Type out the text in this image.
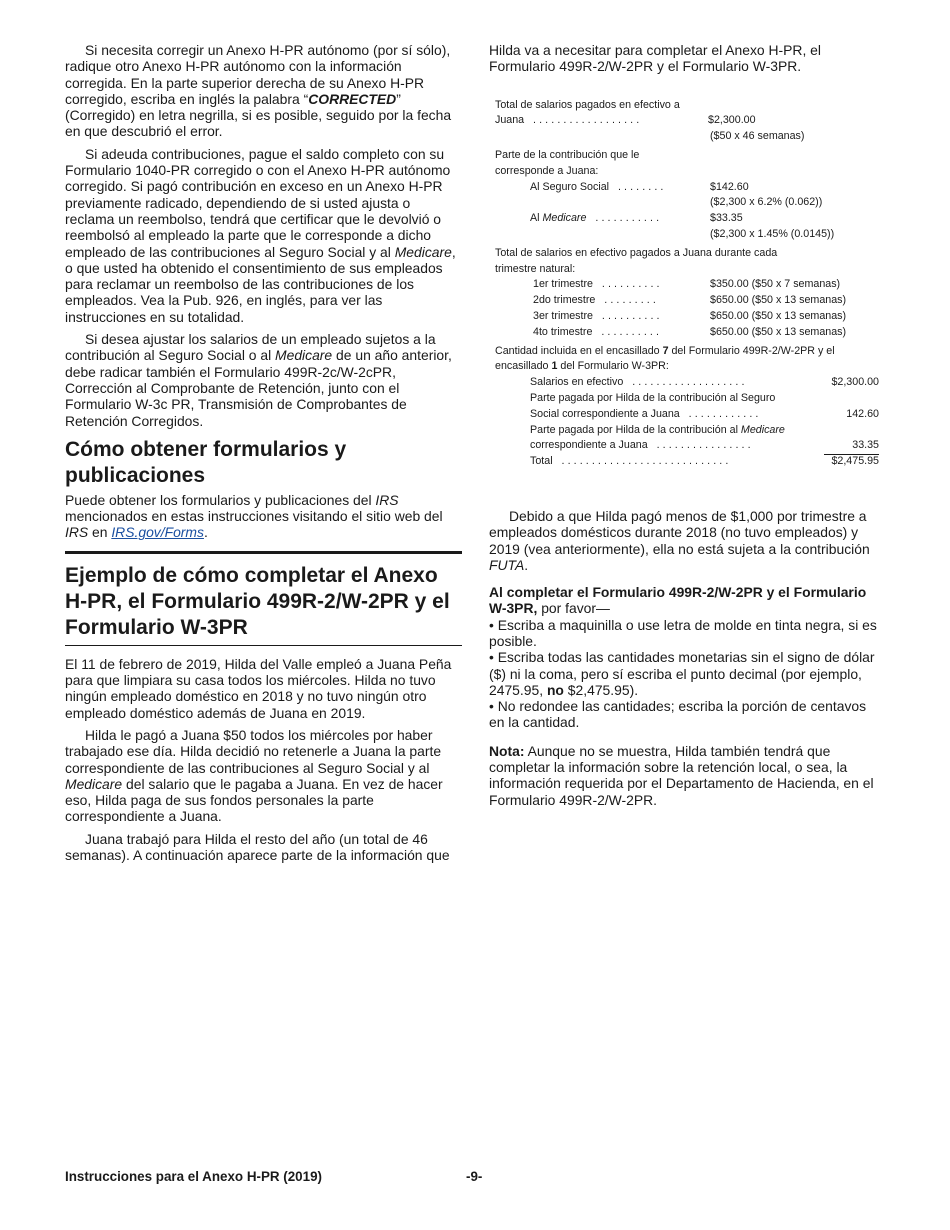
Si necesita corregir un Anexo H-PR autónomo (por sí sólo), radique otro Anexo H-PR autónomo con la información corregida. En la parte superior derecha de su Anexo H-PR corregido, escriba en inglés la palabra “CORRECTED” (Corregido) en letra negrilla, si es posible, seguido por la fecha en que descubrió el error.

Si adeuda contribuciones, pague el saldo completo con su Formulario 1040-PR corregido o con el Anexo H-PR autónomo corregido. Si pagó contribución en exceso en un Anexo H-PR previamente radicado, dependiendo de si usted ajusta o reclama un reembolso, tendrá que certificar que le devolvió o reembolsó al empleado la parte que le corresponde a dicho empleado de las contribuciones al Seguro Social y al Medicare, o que usted ha obtenido el consentimiento de sus empleados para reclamar un reembolso de las contribuciones de los empleados. Vea la Pub. 926, en inglés, para ver las instrucciones en su totalidad.

Si desea ajustar los salarios de un empleado sujetos a la contribución al Seguro Social o al Medicare de un año anterior, debe radicar también el Formulario 499R-2c/W-2cPR, Corrección al Comprobante de Retención, junto con el Formulario W-3c PR, Transmisión de Comprobantes de Retención Corregidos.

Cómo obtener formularios y publicaciones

Puede obtener los formularios y publicaciones del IRS mencionados en estas instrucciones visitando el sitio web del IRS en IRS.gov/Forms.

Ejemplo de cómo completar el Anexo H-PR, el Formulario 499R-2/W-2PR y el Formulario W-3PR

El 11 de febrero de 2019, Hilda del Valle empleó a Juana Peña para que limpiara su casa todos los miércoles. Hilda no tuvo ningún empleado doméstico en 2018 y no tuvo ningún otro empleado doméstico además de Juana en 2019.

Hilda le pagó a Juana $50 todos los miércoles por haber trabajado ese día. Hilda decidió no retenerle a Juana la parte correspondiente de las contribuciones al Seguro Social y al Medicare del salario que le pagaba a Juana. En vez de hacer eso, Hilda paga de sus fondos personales la parte correspondiente a Juana.

Juana trabajó para Hilda el resto del año (un total de 46 semanas). A continuación aparece parte de la información que

Hilda va a necesitar para completar el Anexo H-PR, el Formulario 499R-2/W-2PR y el Formulario W-3PR.

Total de salarios pagados en efectivo a
Juana ..................	$2,300.00
($50 x 46 semanas)
Parte de la contribución que le
corresponde a Juana:
Al Seguro Social ........	$142.60
($2,300 x 6.2% (0.062))
Al Medicare ...........	$33.35
($2,300 x 1.45% (0.0145))
Total de salarios en efectivo pagados a Juana durante cada
trimestre natural:
1er trimestre ..........	$350.00 ($50 x 7 semanas)
2do trimestre .........	$650.00 ($50 x 13 semanas)
3er trimestre ..........	$650.00 ($50 x 13 semanas)
4to trimestre ..........	$650.00 ($50 x 13 semanas)
Cantidad incluida en el encasillado 7 del Formulario 499R-2/W-2PR y el
encasillado 1 del Formulario W-3PR:
Salarios en efectivo ...................	$2,300.00
Parte pagada por Hilda de la contribución al Seguro
Social correspondiente a Juana ............	142.60
Parte pagada por Hilda de la contribución al Medicare
correspondiente a Juana ................	33.35
Total ............................	$2,475.95

Debido a que Hilda pagó menos de $1,000 por trimestre a empleados domésticos durante 2018 (no tuvo empleados) y 2019 (vea anteriormente), ella no está sujeta a la contribución FUTA.

Al completar el Formulario 499R-2/W-2PR y el Formulario W-3PR, por favor—

• Escriba a maquinilla o use letra de molde en tinta negra, si es posible.

• Escriba todas las cantidades monetarias sin el signo de dólar ($) ni la coma, pero sí escriba el punto decimal (por ejemplo, 2475.95, no $2,475.95).

• No redondee las cantidades; escriba la porción de centavos en la cantidad.

Nota: Aunque no se muestra, Hilda también tendrá que completar la información sobre la retención local, o sea, la información requerida por el Departamento de Hacienda, en el Formulario 499R-2/W-2PR.

Instrucciones para el Anexo H-PR (2019)	-9-
